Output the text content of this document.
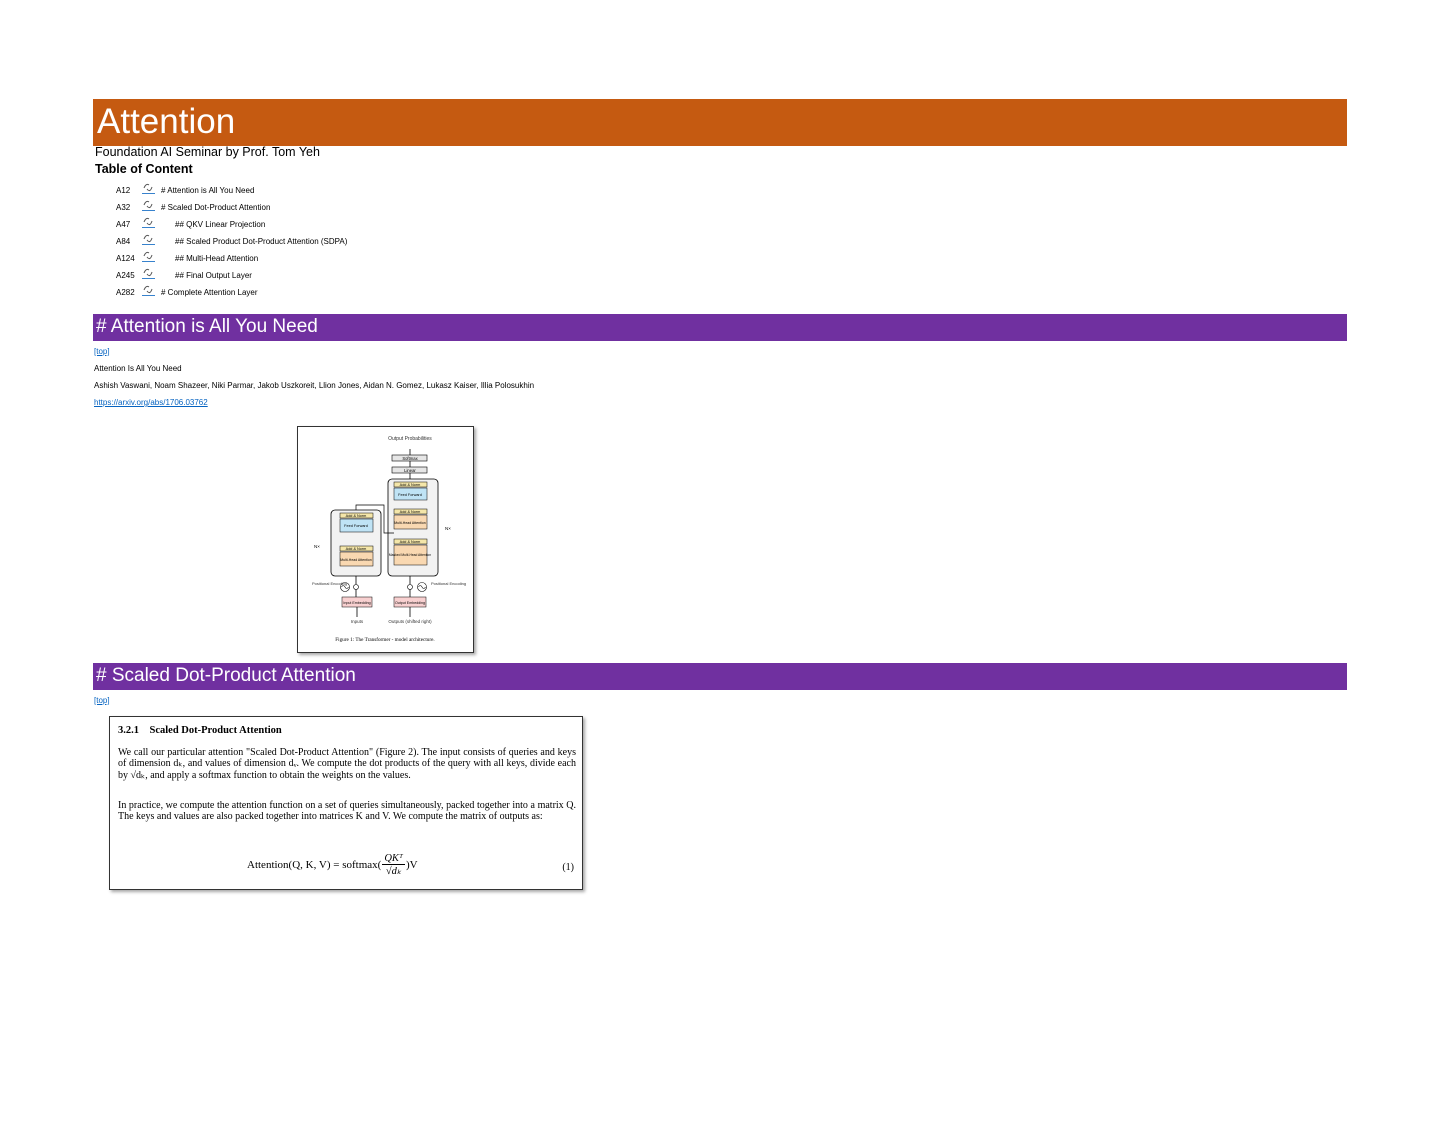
Attention
Foundation AI Seminar by Prof. Tom Yeh
Table of Content
A12	# Attention is All You Need
A32	# Scaled Dot-Product Attention
A47	## QKV Linear Projection
A84	## Scaled Product Dot-Product Attention (SDPA)
A124	## Multi-Head Attention
A245	## Final Output Layer
A282	# Complete Attention Layer
# Attention is All You Need
[top]
Attention Is All You Need
Ashish Vaswani, Noam Shazeer, Niki Parmar, Jakob Uszkoreit, Llion Jones, Aidan N. Gomez, Lukasz Kaiser, Illia Polosukhin
https://arxiv.org/abs/1706.03762
Output Probabilities
Softmax
Linear
Add & Norm
Feed Forward
Add & Norm
Multi-Head Attention
Add & Norm
Masked Multi-Head Attention
N×
Add & Norm
Feed Forward
Add & Norm
Multi-Head Attention
N×
Positional Encoding	Positional Encoding
Input Embedding	Output Embedding
Inputs	Outputs (shifted right)
Figure 1: The Transformer - model architecture.
# Scaled Dot-Product Attention
[top]
3.2.1 Scaled Dot-Product Attention
We call our particular attention "Scaled Dot-Product Attention" (Figure 2). The input consists of queries and keys of dimension dₖ, and values of dimension dᵥ. We compute the dot products of the query with all keys, divide each by √dₖ, and apply a softmax function to obtain the weights on the values.
In practice, we compute the attention function on a set of queries simultaneously, packed together into a matrix Q. The keys and values are also packed together into matrices K and V. We compute the matrix of outputs as:
Attention(Q, K, V) = softmax(
QKᵀ
√dₖ
)V	(1)
